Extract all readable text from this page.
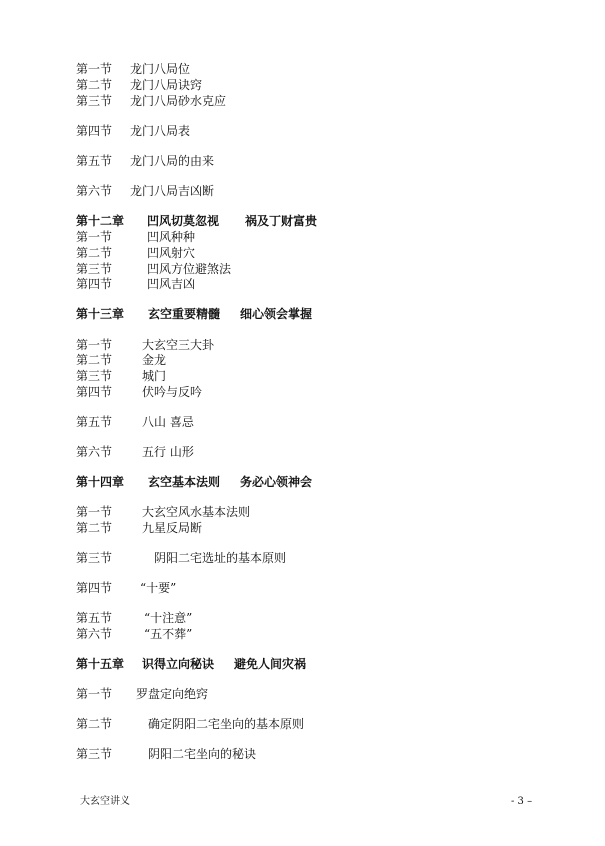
第一节 龙门八局位
第二节 龙门八局诀窍
第三节 龙门八局砂水克应
第四节 龙门八局表
第五节 龙门八局的由来
第六节 龙门八局吉凶断
第十二章 凹风切莫忽视 祸及丁财富贵
第一节	凹风种种
第二节	凹风射穴
第三节	凹风方位避煞法
第四节	凹风吉凶
第十三章 玄空重要精髓 细心领会掌握
第一节 大玄空三大卦
第二节 金龙
第三节 城门
第四节 伏吟与反吟
第五节 八山 喜忌
第六节 五行 山形
第十四章 玄空基本法则 务必心领神会
第一节 大玄空风水基本法则
第二节 九星反局断
第三节	阴阳二宅选址的基本原则
第四节 “十要”
第五节	“十注意”
第六节	“五不葬”
第十五章 识得立向秘诀 避免人间灾祸
第一节 罗盘定向绝窍
第二节	确定阴阳二宅坐向的基本原则
第三节	阴阳二宅坐向的秘诀
大玄空讲义	- 3 –
